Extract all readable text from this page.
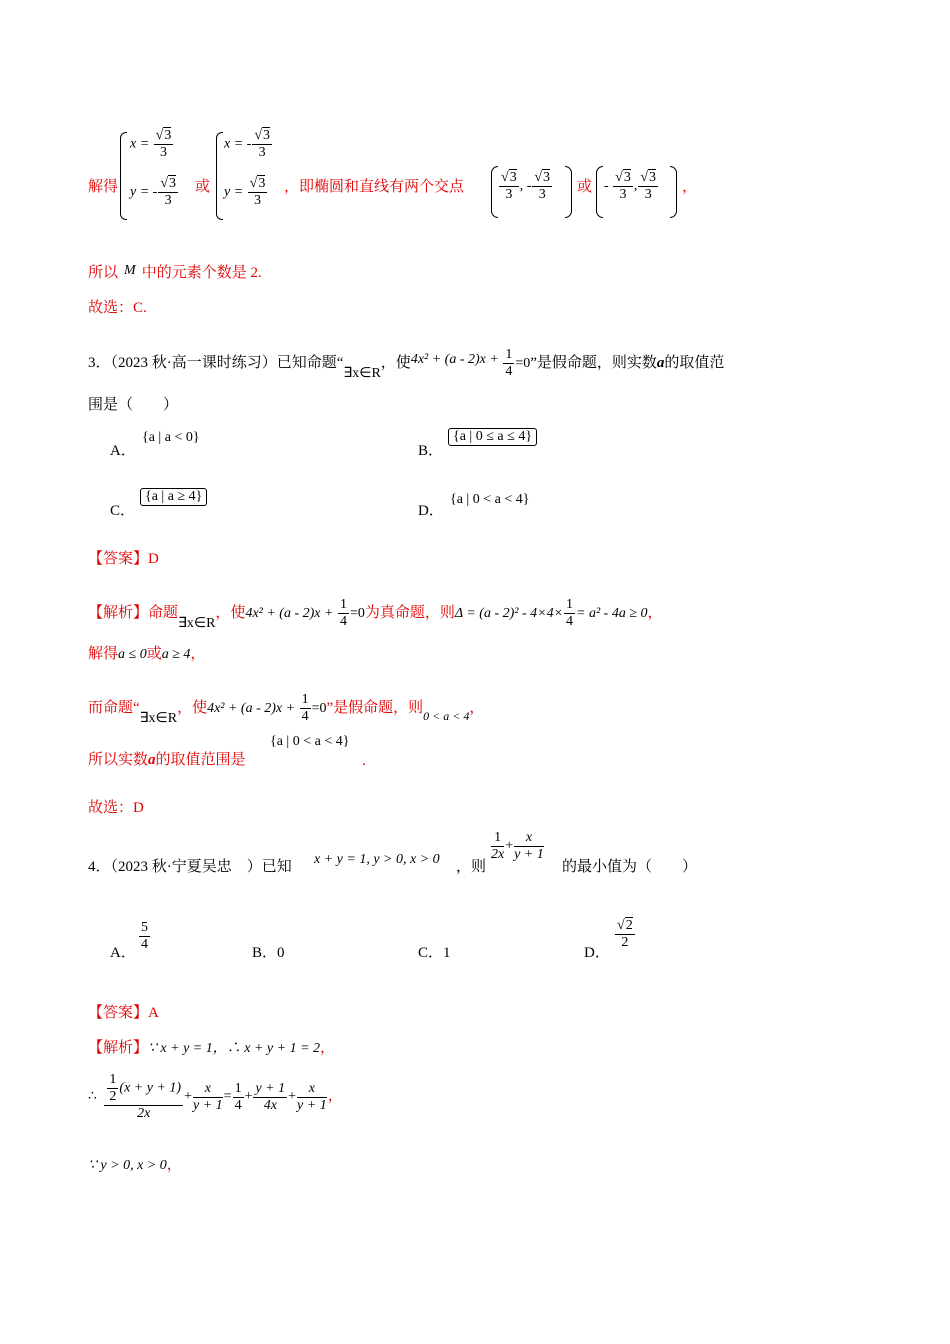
解得
$x = \frac{√3}{3}$
y = - $\frac{√3}{3}$ 或
x = - $\frac{√3}{3}$
$y = \frac{√3}{3}$ ，即椭圆和直线有两个交点 $\frac{√3}{3}$ , - $\frac{√3}{3}$ 或 - $\frac{√3}{3}$ , $\frac{√3}{3}$ ，
所以 M 中的元素个数是 2.
故选：C.
3．（2023 秋·高一课时练习）已知命题“∃x∈R，使$4x^2 + (a - 2)x + \frac{1}{4} =0$”是假命题，则实数a的取值范
围是（　　）
A．
{a | a < 0}
B．
{a | 0 ≤ a ≤ 4}
C．
{a | a ≥ 4}
D．
{a | 0 < a < 4}
【答案】D
【解析】命题∃x∈R，使$4x^2 + (a - 2)x + \frac{1}{4} =0$为真命题，则$\Delta = (a - 2)^2 - 4\times 4\times \frac{1}{4} = a^2 - 4a \ge 0$，
解得a ≤ 0或a ≥ 4，
而命题“∃x∈R，使$4x^2 + (a - 2)x + \frac{1}{4} =0$”是假命题，则$_{0 < a < 4}$，
所以实数a的取值范围是
{a | 0 < a < 4}
.
故选：D
4．（2023 秋·宁夏吴忠　）已知 x + y = 1, y > 0, x > 0 ，则
$\frac{1}{2x} + \frac{x}{y + 1}$
的最小值为（　　）
A． $\frac{5}{4}$	B．0	C．1	D．
$\frac{√2}{2}$
【答案】A
【解析】∵ x + y = 1，∴ x + y + 1 = 2，
∴ $\frac{\frac{1}{2} (x + y + 1)}{2x} + \frac{x}{y + 1} = \frac{1}{4} + \frac{y + 1}{4x} + \frac{x}{y + 1}$ ，
∵ y > 0, x > 0，
